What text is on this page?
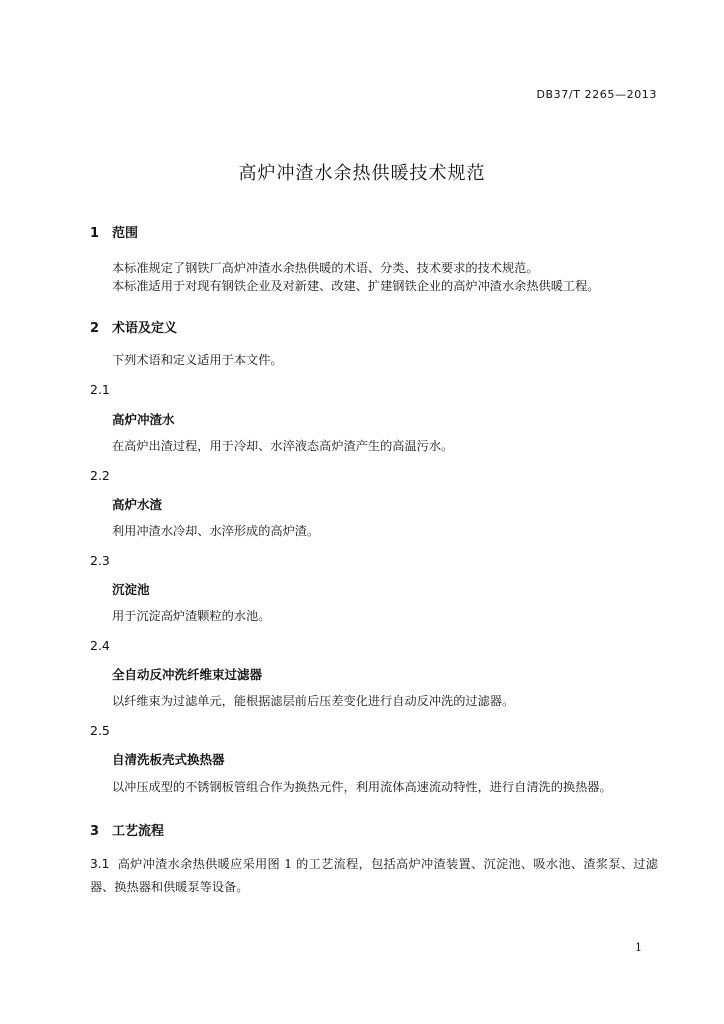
DB37/T 2265—2013
高炉冲渣水余热供暖技术规范
1 范围
本标准规定了钢铁厂高炉冲渣水余热供暖的术语、分类、技术要求的技术规范。
本标准适用于对现有钢铁企业及对新建、改建、扩建钢铁企业的高炉冲渣水余热供暖工程。
2 术语及定义
下列术语和定义适用于本文件。
2.1
高炉冲渣水
在高炉出渣过程，用于冷却、水淬液态高炉渣产生的高温污水。
2.2
高炉水渣
利用冲渣水冷却、水淬形成的高炉渣。
2.3
沉淀池
用于沉淀高炉渣颗粒的水池。
2.4
全自动反冲洗纤维束过滤器
以纤维束为过滤单元，能根据滤层前后压差变化进行自动反冲洗的过滤器。
2.5
自清洗板壳式换热器
以冲压成型的不锈钢板管组合作为换热元件，利用流体高速流动特性，进行自清洗的换热器。
3 工艺流程
3.1 高炉冲渣水余热供暖应采用图 1 的工艺流程，包括高炉冲渣装置、沉淀池、吸水池、渣浆泵、过滤器、换热器和供暖泵等设备。
1
